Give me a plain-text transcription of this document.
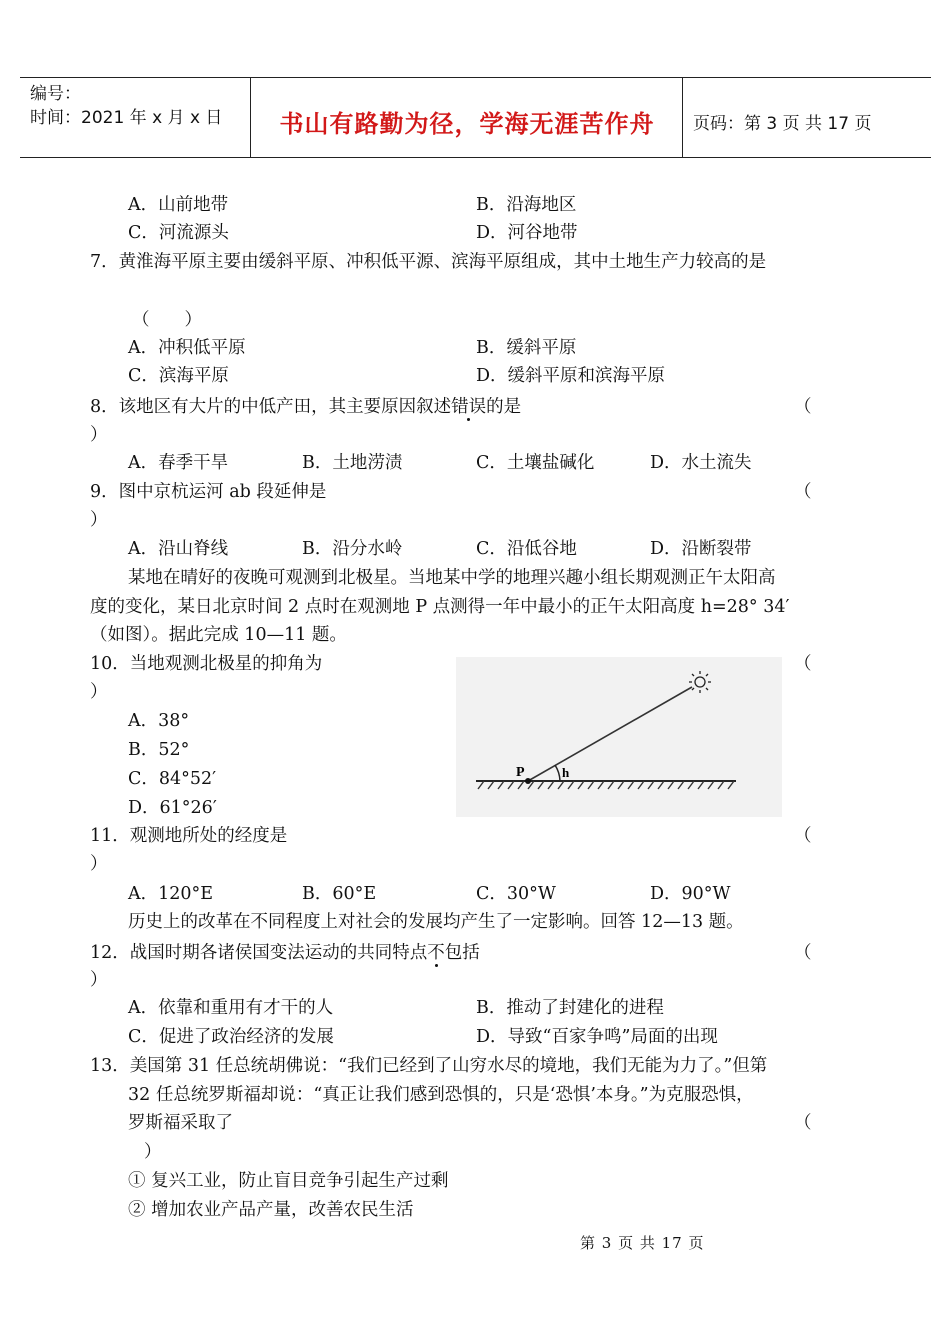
编号：
时间：2021 年 x 月 x 日	书山有路勤为径，学海无涯苦作舟	页码：第 3 页 共 17 页
A．山前地带	B．沿海地区
C．河流源头	D．河谷地带
7．黄淮海平原主要由缓斜平原、冲积低平源、滨海平原组成，其中土地生产力较高的是
（　　）
A．冲积低平原	B．缓斜平原
C．滨海平原	D．缓斜平原和滨海平原
8．该地区有大片的中低产田，其主要原因叙述错误的是	（
）
A．春季干旱	B．土地涝渍	C．土壤盐碱化	D．水土流失
9．图中京杭运河 ab 段延伸是	（
）
A．沿山脊线	B．沿分水岭	C．沿低谷地	D．沿断裂带
某地在晴好的夜晚可观测到北极星。当地某中学的地理兴趣小组长期观测正午太阳高
度的变化，某日北京时间 2 点时在观测地 P 点测得一年中最小的正午太阳高度 h=28° 34′
（如图）。据此完成 10—11 题。
P	h
10．当地观测北极星的抑角为	（
）
A．38°
B．52°
C．84°52′
D．61°26′
11．观测地所处的经度是	（
）
A．120°E	B．60°E	C．30°W	D．90°W
历史上的改革在不同程度上对社会的发展均产生了一定影响。回答 12—13 题。
12．战国时期各诸侯国变法运动的共同特点不包括	（
）
A．依靠和重用有才干的人	B．推动了封建化的进程
C．促进了政治经济的发展	D．导致“百家争鸣”局面的出现
13．美国第 31 任总统胡佛说：“我们已经到了山穷水尽的境地，我们无能为力了。”但第
32 任总统罗斯福却说：“真正让我们感到恐惧的，只是‘恐惧’本身。”为克服恐惧，
罗斯福采取了	（
）
① 复兴工业，防止盲目竞争引起生产过剩
② 增加农业产品产量，改善农民生活
第 3 页 共 17 页
